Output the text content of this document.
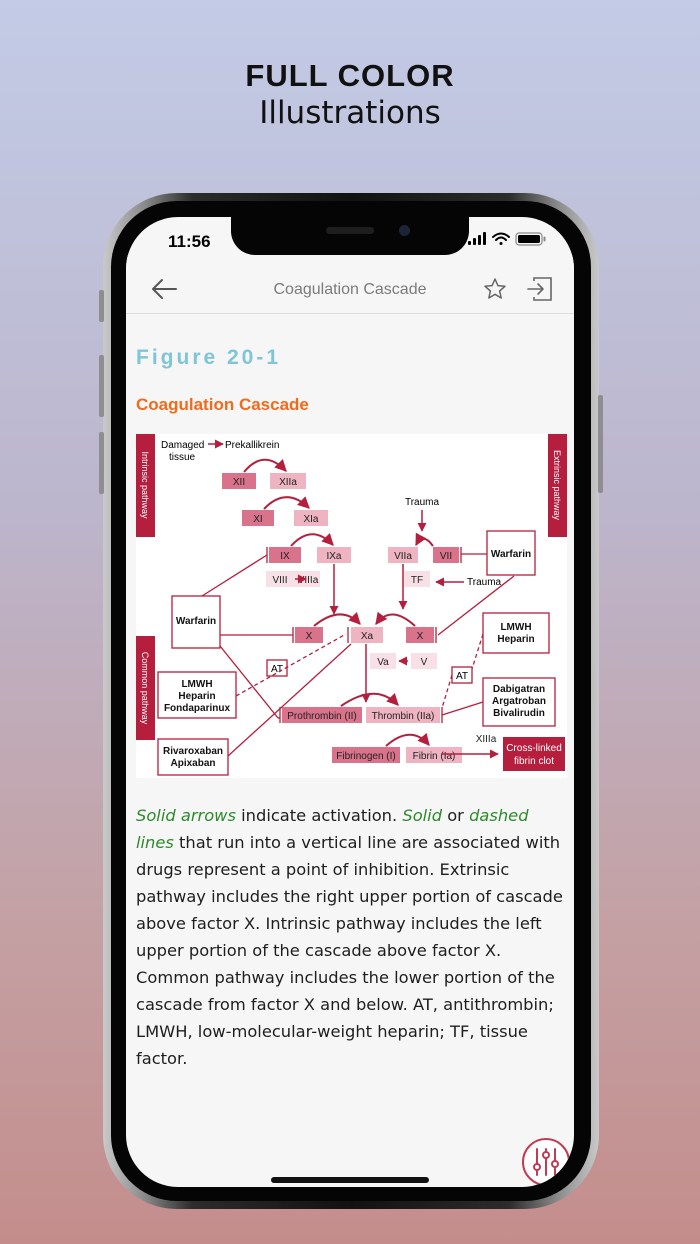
FULL COLOR
Illustrations
11:56
Coagulation Cascade
Figure 20-1
Coagulation Cascade
Intrinsic pathway
Common pathway
Extrinsic pathway
Damaged
tissue
Prekallikrein
XII	XIIa
XI	XIa
IX	IXa
VIII VIIIa
VIIa	VII
TF
X	Xa	X
Va	V
Prothrombin (II) Thrombin (IIa)
Fibrinogen (I) Fibrin (Ia)
XIIIa
Cross-linked
fibrin clot
Trauma
Trauma
Warfarin
Warfarin
LMWH
Heparin
LMWH
Heparin
Fondaparinux
Dabigatran
Argatroban
Bivalirudin
Rivaroxaban
Apixaban
AT
AT
Solid arrows indicate activation. Solid or dashed lines that run into a vertical line are associated with drugs represent a point of inhibition. Extrinsic pathway includes the right upper portion of cascade above factor X. Intrinsic pathway includes the left upper portion of the cascade above factor X. Common pathway includes the lower portion of the cascade from factor X and below. AT, antithrombin; LMWH, low-molecular-weight heparin; TF, tissue factor.
